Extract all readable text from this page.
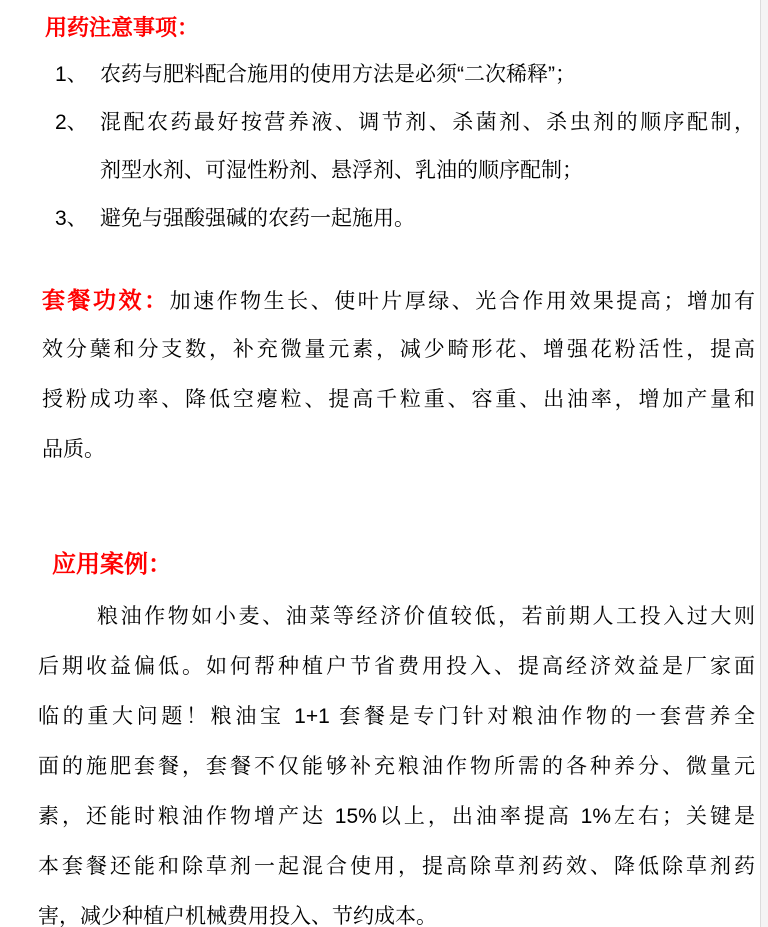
用药注意事项：
1、 农药与肥料配合施用的使用方法是必须“二次稀释”；
2、 混配农药最好按营养液、调节剂、杀菌剂、杀虫剂的顺序配制，
剂型水剂、可湿性粉剂、悬浮剂、乳油的顺序配制；
3、 避免与强酸强碱的农药一起施用。
套餐功效：加速作物生长、使叶片厚绿、光合作用效果提高；增加有
效分蘖和分支数，补充微量元素，减少畸形花、增强花粉活性，提高
授粉成功率、降低空瘪粒、提高千粒重、容重、出油率，增加产量和
品质。
应用案例：
粮油作物如小麦、油菜等经济价值较低，若前期人工投入过大则
后期收益偏低。如何帮种植户节省费用投入、提高经济效益是厂家面
临的重大问题！粮油宝 1+1 套餐是专门针对粮油作物的一套营养全
面的施肥套餐，套餐不仅能够补充粮油作物所需的各种养分、微量元
素，还能时粮油作物增产达 15%以上，出油率提高 1%左右；关键是
本套餐还能和除草剂一起混合使用，提高除草剂药效、降低除草剂药
害，减少种植户机械费用投入、节约成本。
